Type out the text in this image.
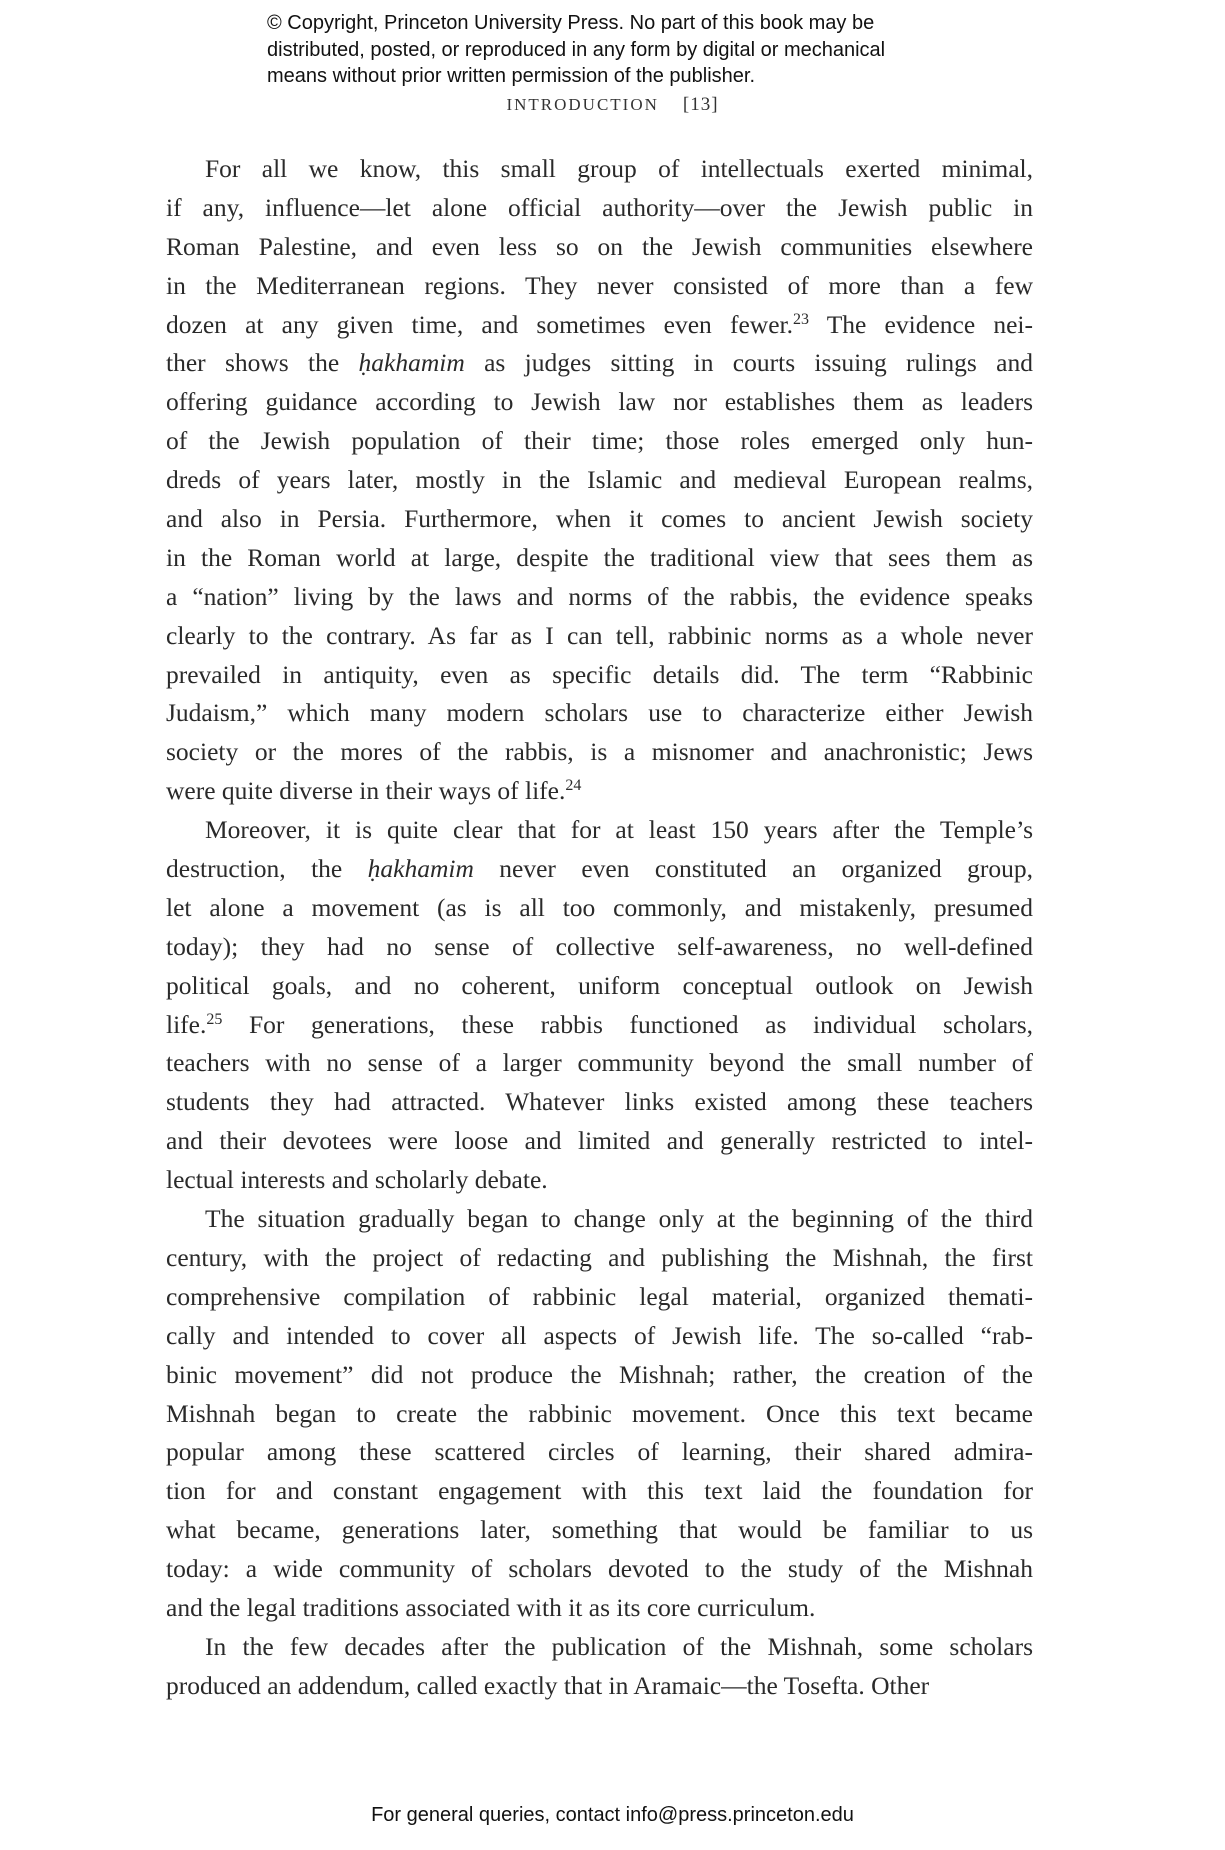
© Copyright, Princeton University Press. No part of this book may be
distributed, posted, or reproduced in any form by digital or mechanical
means without prior written permission of the publisher.
INTRODUCTION [13]
For all we know, this small group of intellectuals exerted minimal,
if any, influence—let alone official authority—over the Jewish public in
Roman Palestine, and even less so on the Jewish communities elsewhere
in the Mediterranean regions. They never consisted of more than a few
dozen at any given time, and sometimes even fewer.$^{23}$ The evidence nei-
ther shows the ḥakhamim as judges sitting in courts issuing rulings and
offering guidance according to Jewish law nor establishes them as leaders
of the Jewish population of their time; those roles emerged only hun-
dreds of years later, mostly in the Islamic and medieval European realms,
and also in Persia. Furthermore, when it comes to ancient Jewish society
in the Roman world at large, despite the traditional view that sees them as
a “nation” living by the laws and norms of the rabbis, the evidence speaks
clearly to the contrary. As far as I can tell, rabbinic norms as a whole never
prevailed in antiquity, even as specific details did. The term “Rabbinic
Judaism,” which many modern scholars use to characterize either Jewish
society or the mores of the rabbis, is a misnomer and anachronistic; Jews
were quite diverse in their ways of life.$^{24}$
Moreover, it is quite clear that for at least 150 years after the Temple’s
destruction, the ḥakhamim never even constituted an organized group,
let alone a movement (as is all too commonly, and mistakenly, presumed
today); they had no sense of collective self-awareness, no well-defined
political goals, and no coherent, uniform conceptual outlook on Jewish
life.$^{25}$ For generations, these rabbis functioned as individual scholars,
teachers with no sense of a larger community beyond the small number of
students they had attracted. Whatever links existed among these teachers
and their devotees were loose and limited and generally restricted to intel-
lectual interests and scholarly debate.
The situation gradually began to change only at the beginning of the third
century, with the project of redacting and publishing the Mishnah, the first
comprehensive compilation of rabbinic legal material, organized themati-
cally and intended to cover all aspects of Jewish life. The so-called “rab-
binic movement” did not produce the Mishnah; rather, the creation of the
Mishnah began to create the rabbinic movement. Once this text became
popular among these scattered circles of learning, their shared admira-
tion for and constant engagement with this text laid the foundation for
what became, generations later, something that would be familiar to us
today: a wide community of scholars devoted to the study of the Mishnah
and the legal traditions associated with it as its core curriculum.
In the few decades after the publication of the Mishnah, some scholars
produced an addendum, called exactly that in Aramaic—the Tosefta. Other
For general queries, contact info@press.princeton.edu
